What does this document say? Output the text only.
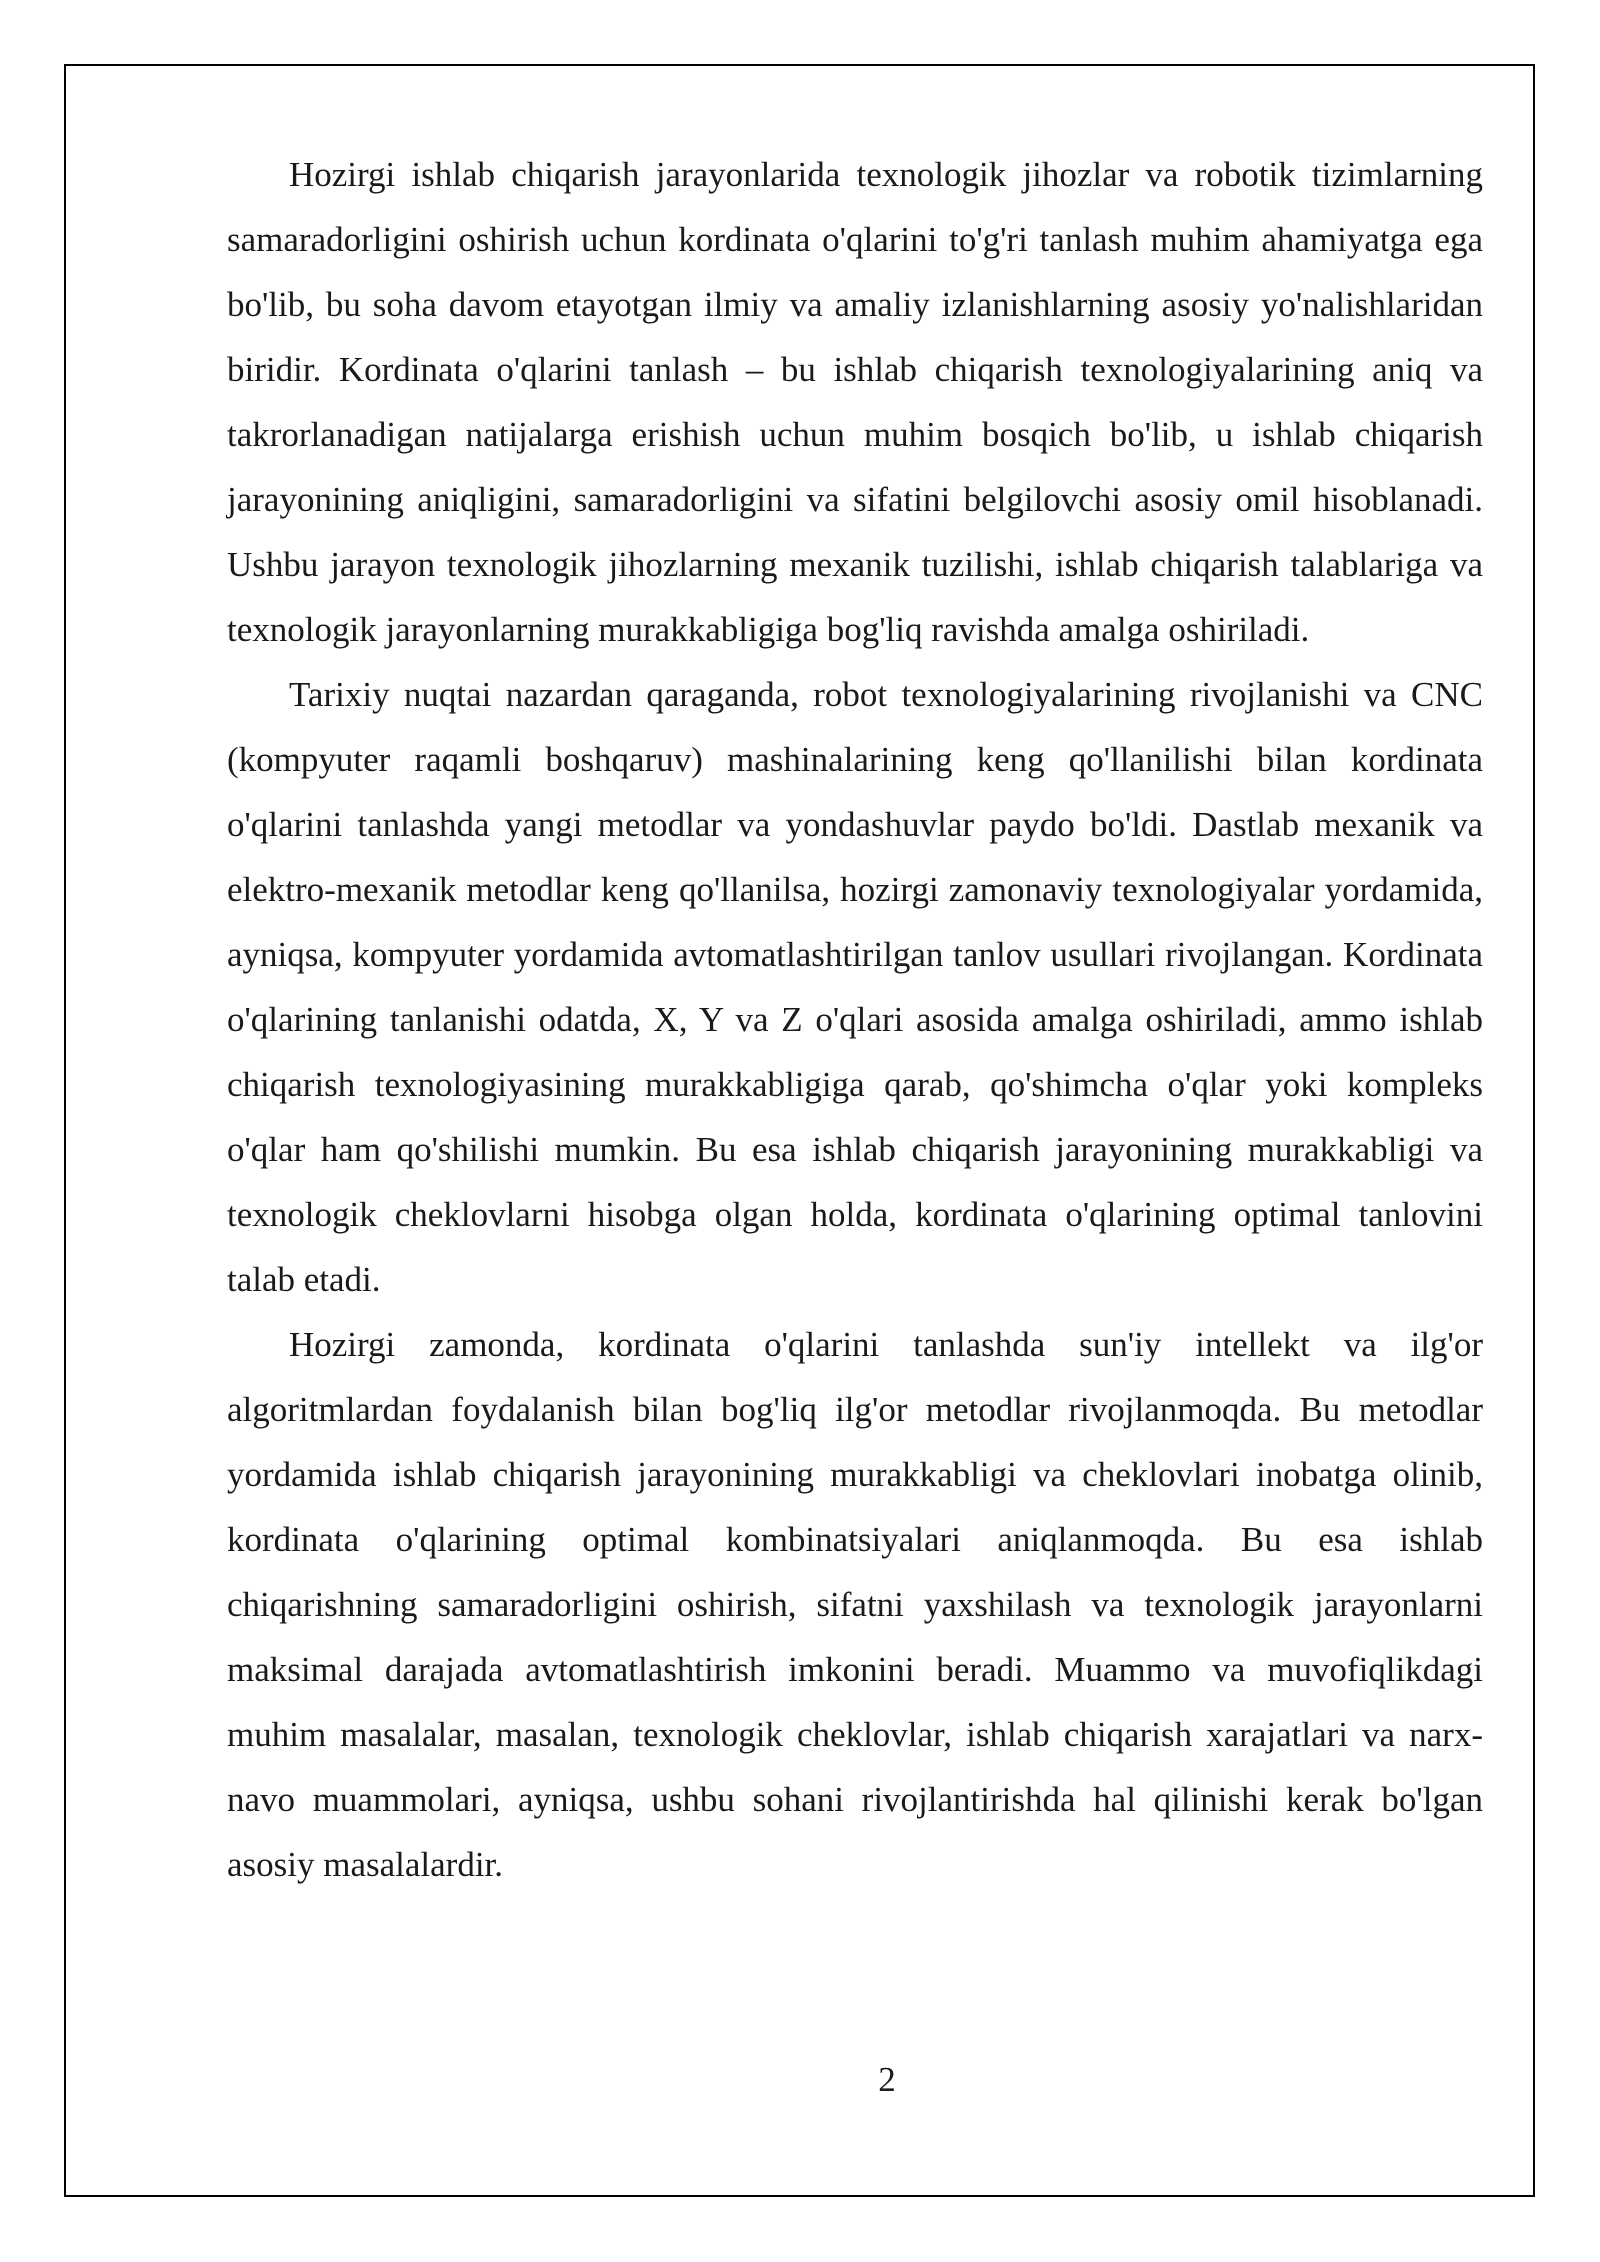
Hozirgi ishlab chiqarish jarayonlarida texnologik jihozlar va robotik tizimlarning samaradorligini oshirish uchun kordinata o'qlarini to'g'ri tanlash muhim ahamiyatga ega bo'lib, bu soha davom etayotgan ilmiy va amaliy izlanishlarning asosiy yo'nalishlaridan biridir. Kordinata o'qlarini tanlash – bu ishlab chiqarish texnologiyalarining aniq va takrorlanadigan natijalarga erishish uchun muhim bosqich bo'lib, u ishlab chiqarish jarayonining aniqligini, samaradorligini va sifatini belgilovchi asosiy omil hisoblanadi. Ushbu jarayon texnologik jihozlarning mexanik tuzilishi, ishlab chiqarish talablariga va texnologik jarayonlarning murakkabligiga bog'liq ravishda amalga oshiriladi.

Tarixiy nuqtai nazardan qaraganda, robot texnologiyalarining rivojlanishi va CNC (kompyuter raqamli boshqaruv) mashinalarining keng qo'llanilishi bilan kordinata o'qlarini tanlashda yangi metodlar va yondashuvlar paydo bo'ldi. Dastlab mexanik va elektro-mexanik metodlar keng qo'llanilsa, hozirgi zamonaviy texnologiyalar yordamida, ayniqsa, kompyuter yordamida avtomatlashtirilgan tanlov usullari rivojlangan. Kordinata o'qlarining tanlanishi odatda, X, Y va Z o'qlari asosida amalga oshiriladi, ammo ishlab chiqarish texnologiyasining murakkabligiga qarab, qo'shimcha o'qlar yoki kompleks o'qlar ham qo'shilishi mumkin. Bu esa ishlab chiqarish jarayonining murakkabligi va texnologik cheklovlarni hisobga olgan holda, kordinata o'qlarining optimal tanlovini talab etadi.

Hozirgi zamonda, kordinata o'qlarini tanlashda sun'iy intellekt va ilg'or algoritmlardan foydalanish bilan bog'liq ilg'or metodlar rivojlanmoqda. Bu metodlar yordamida ishlab chiqarish jarayonining murakkabligi va cheklovlari inobatga olinib, kordinata o'qlarining optimal kombinatsiyalari aniqlanmoqda. Bu esa ishlab chiqarishning samaradorligini oshirish, sifatni yaxshilash va texnologik jarayonlarni maksimal darajada avtomatlashtirish imkonini beradi. Muammo va muvofiqlikdagi muhim masalalar, masalan, texnologik cheklovlar, ishlab chiqarish xarajatlari va narx-navo muammolari, ayniqsa, ushbu sohani rivojlantirishda hal qilinishi kerak bo'lgan asosiy masalalardir.

2
